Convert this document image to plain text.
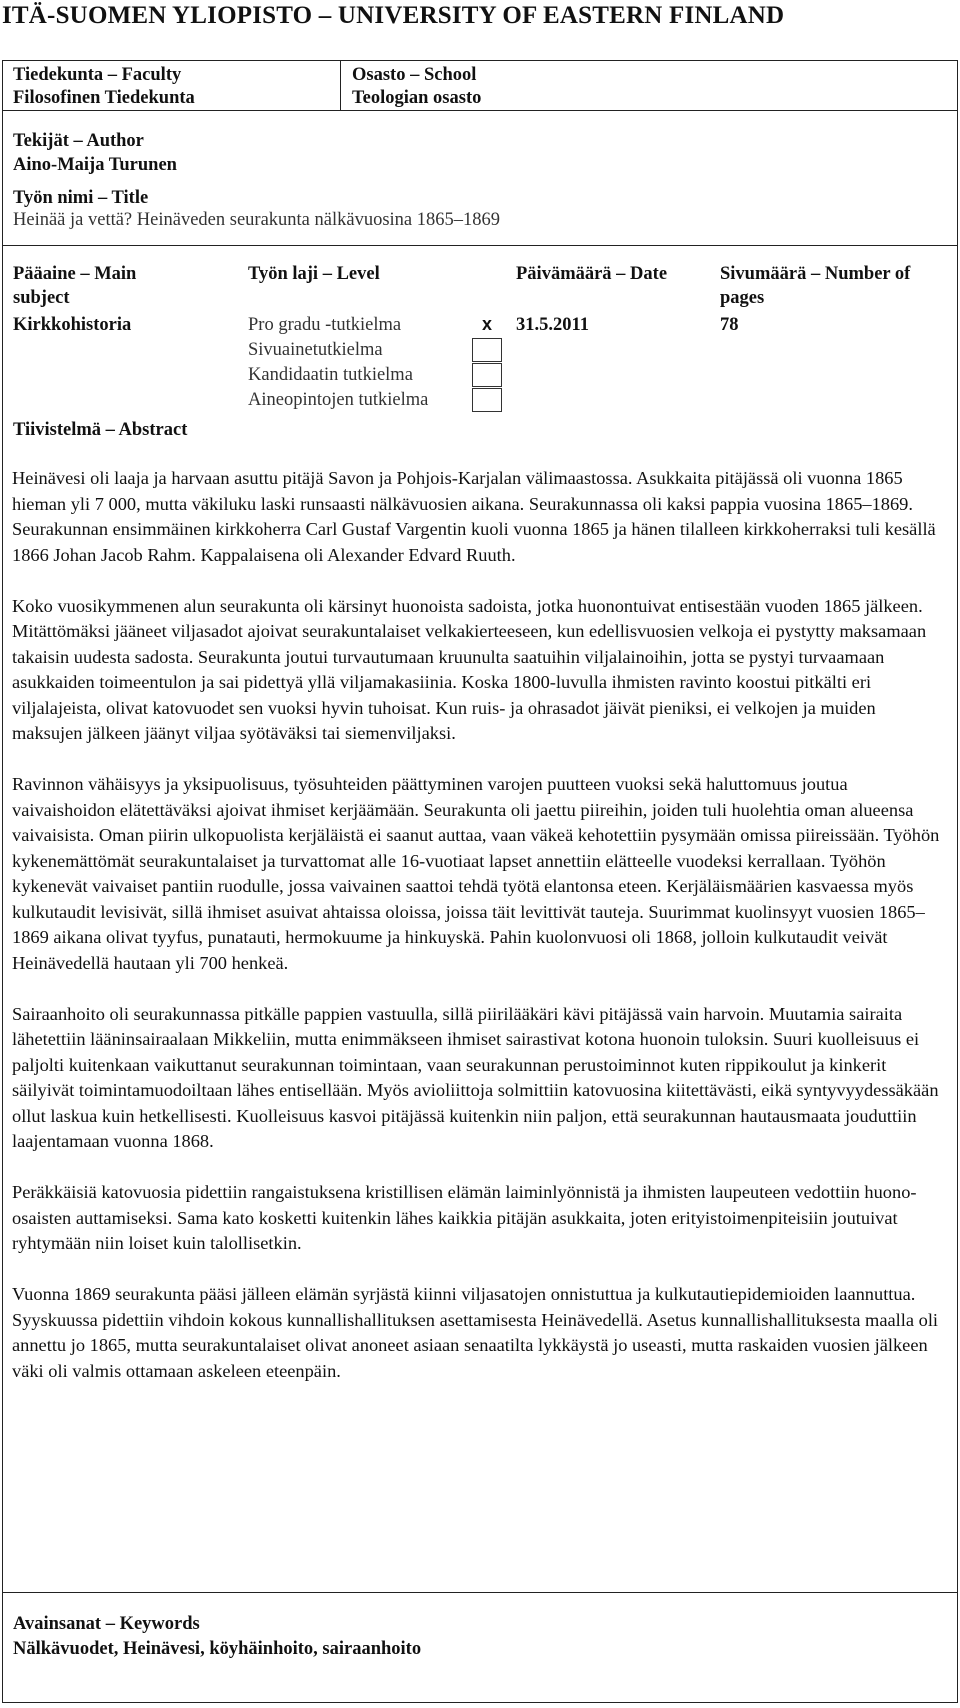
ITÄ-SUOMEN YLIOPISTO – UNIVERSITY OF EASTERN FINLAND
Tiedekunta – Faculty
Filosofinen Tiedekunta
Osasto – School
Teologian osasto
Tekijät – Author
Aino-Maija Turunen
Työn nimi – Title
Heinää ja vettä? Heinäveden seurakunta nälkävuosina 1865–1869
Pääaine – Main
subject
Kirkkohistoria
Työn laji – Level
Pro gradu -tutkielma
Sivuainetutkielma
Kandidaatin tutkielma
Aineopintojen tutkielma
x
Päivämäärä – Date
31.5.2011
Sivumäärä – Number of
pages
78
Tiivistelmä – Abstract

Heinävesi oli laaja ja harvaan asuttu pitäjä Savon ja Pohjois-Karjalan välimaastossa. Asukkaita pitäjässä oli vuonna 1865 hieman yli 7 000, mutta väkiluku laski runsaasti nälkävuosien aikana. Seurakunnassa oli kaksi pappia vuosina 1865–1869. Seurakunnan ensimmäinen kirkkoherra Carl Gustaf Vargentin kuoli vuonna 1865 ja hänen tilalleen kirkkoherraksi tuli kesällä 1866 Johan Jacob Rahm. Kappalaisena oli Alexander Edvard Ruuth.

Koko vuosikymmenen alun seurakunta oli kärsinyt huonoista sadoista, jotka huonontuivat entisestään vuoden 1865 jälkeen. Mitättömäksi jääneet viljasadot ajoivat seurakuntalaiset velkakierteeseen, kun edellisvuosien velkoja ei pystytty maksamaan takaisin uudesta sadosta. Seurakunta joutui turvautumaan kruunulta saatuihin viljalainoihin, jotta se pystyi turvaamaan asukkaiden toimeentulon ja sai pidettyä yllä viljamakasiinia. Koska 1800-luvulla ihmisten ravinto koostui pitkälti eri viljalajeista, olivat katovuodet sen vuoksi hyvin tuhoisat. Kun ruis- ja ohrasadot jäivät pieniksi, ei velkojen ja muiden maksujen jälkeen jäänyt viljaa syötäväksi tai siemenviljaksi.

Ravinnon vähäisyys ja yksipuolisuus, työsuhteiden päättyminen varojen puutteen vuoksi sekä haluttomuus joutua vaivaishoidon elätettäväksi ajoivat ihmiset kerjäämään. Seurakunta oli jaettu piireihin, joiden tuli huolehtia oman alueensa vaivaisista. Oman piirin ulkopuolista kerjäläistä ei saanut auttaa, vaan väkeä kehotettiin pysymään omissa piireissään. Työhön kykenemättömät seurakuntalaiset ja turvattomat alle 16-vuotiaat lapset annettiin elätteelle vuodeksi kerrallaan. Työhön kykenevät vaivaiset pantiin ruodulle, jossa vaivainen saattoi tehdä työtä elantonsa eteen. Kerjäläismäärien kasvaessa myös kulkutaudit levisivät, sillä ihmiset asuivat ahtaissa oloissa, joissa täit levittivät tauteja. Suurimmat kuolinsyyt vuosien 1865–1869 aikana olivat tyyfus, punatauti, hermokuume ja hinkuyskä. Pahin kuolonvuosi oli 1868, jolloin kulkutaudit veivät Heinävedellä hautaan yli 700 henkeä.

Sairaanhoito oli seurakunnassa pitkälle pappien vastuulla, sillä piirilääkäri kävi pitäjässä vain harvoin. Muutamia sairaita lähetettiin lääninsairaalaan Mikkeliin, mutta enimmäkseen ihmiset sairastivat kotona huonoin tuloksin. Suuri kuolleisuus ei paljolti kuitenkaan vaikuttanut seurakunnan toimintaan, vaan seurakunnan perustoiminnot kuten rippikoulut ja kinkerit säilyivät toimintamuodoiltaan lähes entisellään. Myös avioliittoja solmittiin katovuosina kiitettävästi, eikä syntyvyydessäkään ollut laskua kuin hetkellisesti. Kuolleisuus kasvoi pitäjässä kuitenkin niin paljon, että seurakunnan hautausmaata jouduttiin laajentamaan vuonna 1868.

Peräkkäisiä katovuosia pidettiin rangaistuksena kristillisen elämän laiminlyönnistä ja ihmisten laupeuteen vedottiin huono-osaisten auttamiseksi. Sama kato kosketti kuitenkin lähes kaikkia pitäjän asukkaita, joten erityistoimenpiteisiin joutuivat ryhtymään niin loiset kuin talollisetkin.

Vuonna 1869 seurakunta pääsi jälleen elämän syrjästä kiinni viljasatojen onnistuttua ja kulkutautiepidemioiden laannuttua. Syyskuussa pidettiin vihdoin kokous kunnallishallituksen asettamisesta Heinävedellä. Asetus kunnallishallituksesta maalla oli annettu jo 1865, mutta seurakuntalaiset olivat anoneet asiaan senaatilta lykkäystä jo useasti, mutta raskaiden vuosien jälkeen väki oli valmis ottamaan askeleen eteenpäin.

Avainsanat – Keywords
Nälkävuodet, Heinävesi, köyhäinhoito, sairaanhoito
